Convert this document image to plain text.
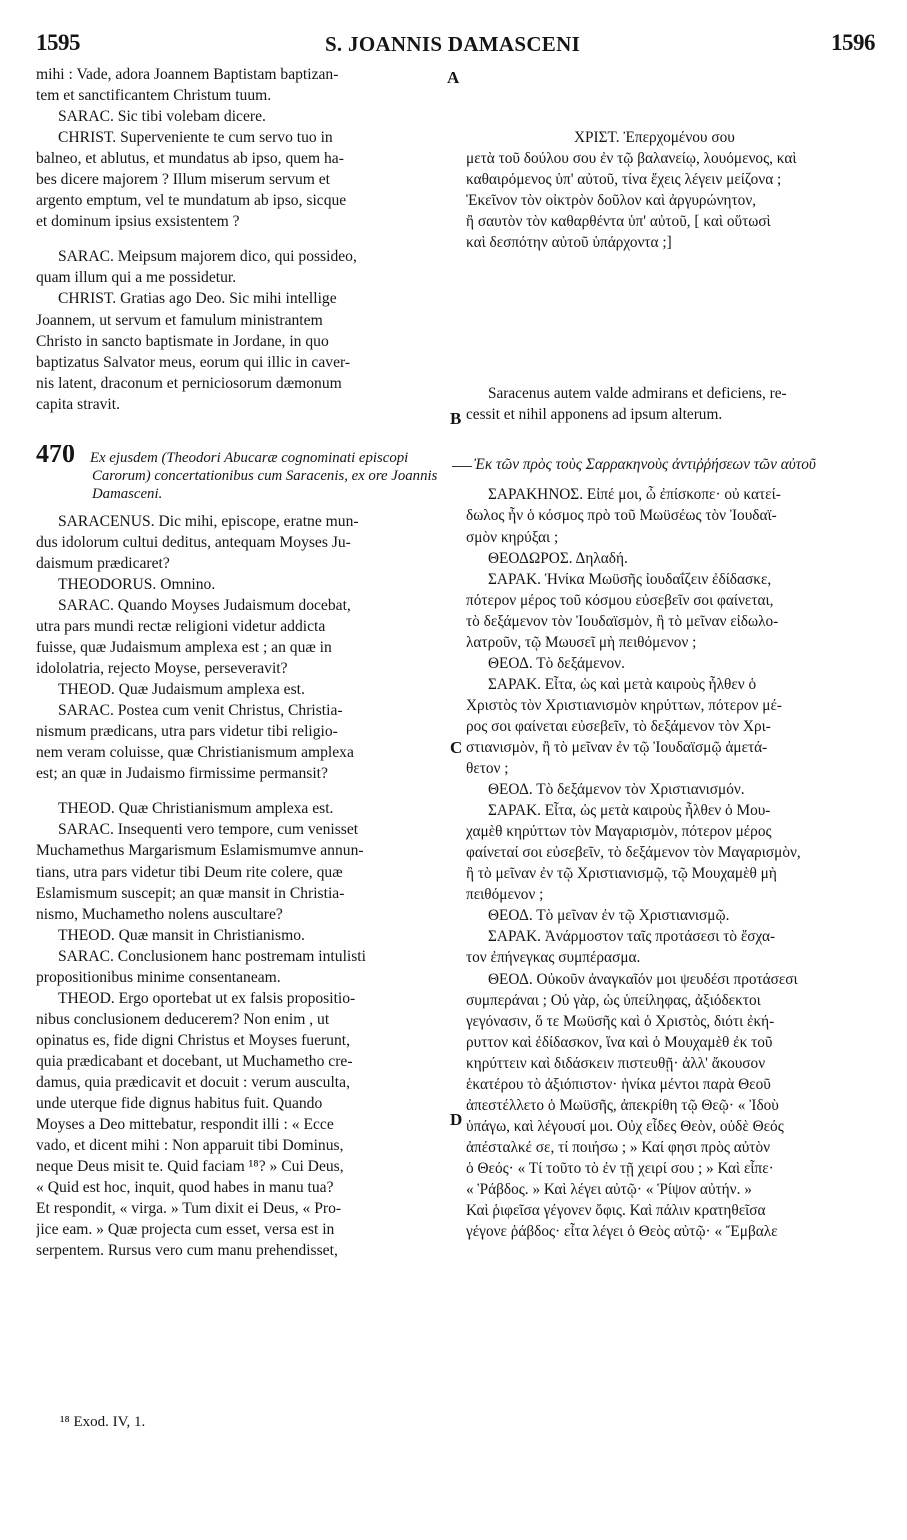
1595	S. JOANNIS DAMASCENI	1596
A
B
C
D
mihi : Vade, adora Joannem Baptistam baptizan-
tem et sanctificantem Christum tuum.
SARAC. Sic tibi volebam dicere.
CHRIST. Superveniente te cum servo tuo in
balneo, et ablutus, et mundatus ab ipso, quem ha-
bes dicere majorem ? Illum miserum servum et
argento emptum, vel te mundatum ab ipso, sicque
et dominum ipsius exsistentem ?
SARAC. Meipsum majorem dico, qui possideo,
quam illum qui a me possidetur.
CHRIST. Gratias ago Deo. Sic mihi intellige
Joannem, ut servum et famulum ministrantem
Christo in sancto baptismate in Jordane, in quo
baptizatus Salvator meus, eorum qui illic in caver-
nis latent, draconum et perniciosorum dæmonum
capita stravit.
470 Ex ejusdem (Theodori Abucaræ cognominati episcopi Carorum) concertationibus cum Saracenis, ex ore Joannis Damasceni.
SARACENUS. Dic mihi, episcope, eratne mun-
dus idolorum cultui deditus, antequam Moyses Ju-
daismum prædicaret?
THEODORUS. Omnino.
SARAC. Quando Moyses Judaismum docebat,
utra pars mundi rectæ religioni videtur addicta
fuisse, quæ Judaismum amplexa est ; an quæ in
idololatria, rejecto Moyse, perseveravit?
THEOD. Quæ Judaismum amplexa est.
SARAC. Postea cum venit Christus, Christia-
nismum prædicans, utra pars videtur tibi religio-
nem veram coluisse, quæ Christianismum amplexa
est; an quæ in Judaismo firmissime permansit?
THEOD. Quæ Christianismum amplexa est.
SARAC. Insequenti vero tempore, cum venisset
Muchamethus Margarismum Eslamismumve annun-
tians, utra pars videtur tibi Deum rite colere, quæ
Eslamismum suscepit; an quæ mansit in Christia-
nismo, Muchametho nolens auscultare?
THEOD. Quæ mansit in Christianismo.
SARAC. Conclusionem hanc postremam intulisti
propositionibus minime consentaneam.
THEOD. Ergo oportebat ut ex falsis propositio-
nibus conclusionem deducerem? Non enim , ut
opinatus es, fide digni Christus et Moyses fuerunt,
quia prædicabant et docebant, ut Muchametho cre-
damus, quia prædicavit et docuit : verum ausculta,
unde uterque fide dignus habitus fuit. Quando
Moyses a Deo mittebatur, respondit illi : « Ecce
vado, et dicent mihi : Non apparuit tibi Dominus,
neque Deus misit te. Quid faciam ¹⁸? » Cui Deus,
« Quid est hoc, inquit, quod habes in manu tua?
Et respondit, « virga. » Tum dixit ei Deus, « Pro-
jice eam. » Quæ projecta cum esset, versa est in
serpentem. Rursus vero cum manu prehendisset,
ΧΡΙΣΤ. Ἐπερχομένου σου
μετὰ τοῦ δούλου σου ἐν τῷ βαλανείῳ, λουόμενος, καὶ
καθαιρόμενος ὑπ' αὐτοῦ, τίνα ἔχεις λέγειν μείζονα ;
Ἐκεῖνον τὸν οἰκτρὸν δοῦλον καὶ ἀργυρώνητον,
ἢ σαυτὸν τὸν καθαρθέντα ὑπ' αὐτοῦ, [ καὶ οὕτωσὶ
καὶ δεσπότην αὐτοῦ ὑπάρχοντα ;]
Saracenus autem valde admirans et deficiens, re-
cessit et nihil apponens ad ipsum alterum.
Ἐκ τῶν πρὸς τοὺς Σαρρακηνοὺς ἀντιῤῥήσεων τῶν αὐτοῦ
ΣΑΡΑΚΗΝΟΣ. Εἰπέ μοι, ὦ ἐπίσκοπε· οὐ κατεί-
δωλος ἦν ὁ κόσμος πρὸ τοῦ Μωϋσέως τὸν Ἰουδαϊ-
σμὸν κηρύξαι ;
ΘΕΟΔΩΡΟΣ. Δηλαδή.
ΣΑΡΑΚ. Ἡνίκα Μωϋσῆς ἰουδαΐζειν ἐδίδασκε,
πότερον μέρος τοῦ κόσμου εὐσεβεῖν σοι φαίνεται,
τὸ δεξάμενον τὸν Ἰουδαϊσμὸν, ἢ τὸ μεῖναν εἰδωλο-
λατροῦν, τῷ Μωυσεῖ μὴ πειθόμενον ;
ΘΕΟΔ. Τὸ δεξάμενον.
ΣΑΡΑΚ. Εἶτα, ὡς καὶ μετὰ καιροὺς ἦλθεν ὁ
Χριστὸς τὸν Χριστιανισμὸν κηρύττων, πότερον μέ-
ρος σοι φαίνεται εὐσεβεῖν, τὸ δεξάμενον τὸν Χρι-
στιανισμὸν, ἢ τὸ μεῖναν ἐν τῷ Ἰουδαϊσμῷ ἀμετά-
θετον ;
ΘΕΟΔ. Τὸ δεξάμενον τὸν Χριστιανισμόν.
ΣΑΡΑΚ. Εἶτα, ὡς μετὰ καιροὺς ἦλθεν ὁ Μου-
χαμὲθ κηρύττων τὸν Μαγαρισμὸν, πότερον μέρος
φαίνεταί σοι εὐσεβεῖν, τὸ δεξάμενον τὸν Μαγαρισμὸν,
ἢ τὸ μεῖναν ἐν τῷ Χριστιανισμῷ, τῷ Μουχαμὲθ μὴ
πειθόμενον ;
ΘΕΟΔ. Τὸ μεῖναν ἐν τῷ Χριστιανισμῷ.
ΣΑΡΑΚ. Ἀνάρμοστον ταῖς προτάσεσι τὸ ἔσχα-
τον ἐπήνεγκας συμπέρασμα.
ΘΕΟΔ. Οὐκοῦν ἀναγκαῖόν μοι ψευδέσι προτάσεσι
συμπεράναι ; Οὐ γὰρ, ὡς ὑπείληφας, ἀξιόδεκτοι
γεγόνασιν, ὅ τε Μωϋσῆς καὶ ὁ Χριστὸς, διότι ἐκή-
ρυττον καὶ ἐδίδασκον, ἵνα καὶ ὁ Μουχαμὲθ ἐκ τοῦ
κηρύττειν καὶ διδάσκειν πιστευθῇ· ἀλλ' ἄκουσον
ἑκατέρου τὸ ἀξιόπιστον· ἡνίκα μέντοι παρὰ Θεοῦ
ἀπεστέλλετο ὁ Μωϋσῆς, ἀπεκρίθη τῷ Θεῷ· « Ἰδοὺ
ὑπάγω, καὶ λέγουσί μοι. Οὐχ εἶδες Θεὸν, οὐδὲ Θεός
ἀπέσταλκέ σε, τί ποιήσω ; » Καί φησι πρὸς αὐτὸν
ὁ Θεός· « Τί τοῦτο τὸ ἐν τῇ χειρί σου ; » Καὶ εἶπε·
« Ῥάβδος. » Καὶ λέγει αὐτῷ· « Ῥίψον αὐτήν. »
Καὶ ῥιφεῖσα γέγονεν ὄφις. Καὶ πάλιν κρατηθεῖσα
γέγονε ῥάβδος· εἶτα λέγει ὁ Θεὸς αὐτῷ· « Ἔμβαλε
¹⁸ Exod. IV, 1.
